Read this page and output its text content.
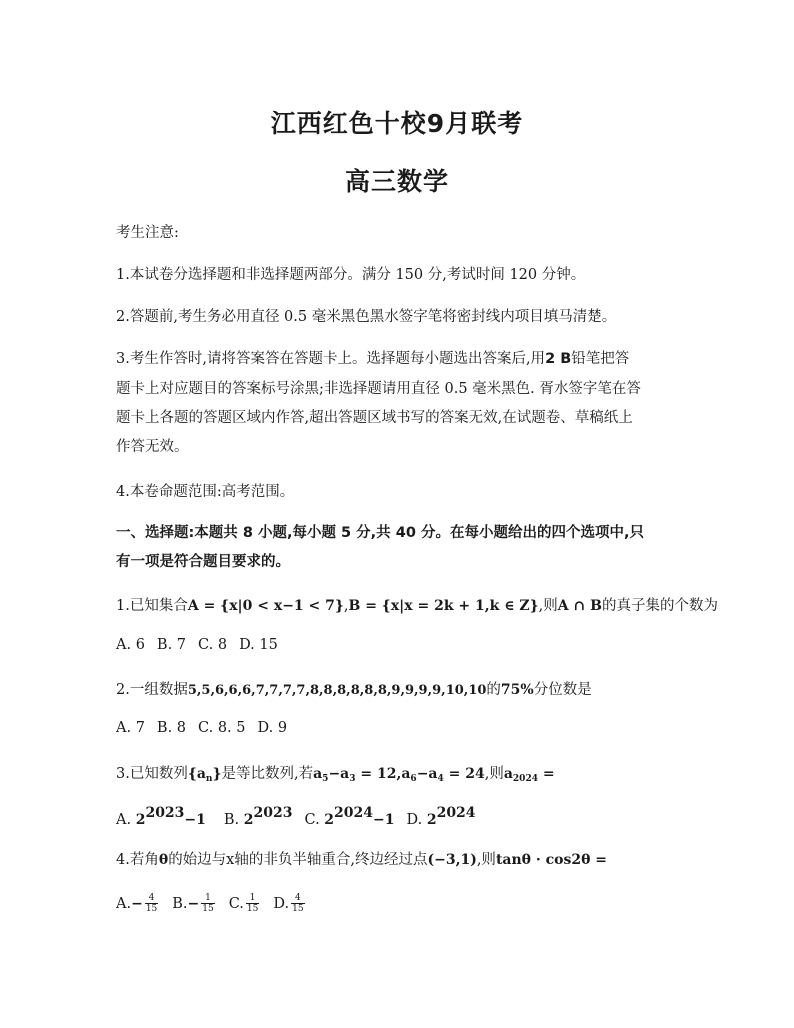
江西红色十校9月联考
高三数学
考生注意:
1.本试卷分选择题和非选择题两部分。满分 150 分,考试时间 120 分钟。
2.答题前,考生务必用直径 0.5 毫米黑色黑水签字笔将密封线内项目填马清楚。
3.考生作答时,请将答案答在答题卡上。选择题每小题选出答案后,用2 B铅笔把答
题卡上对应题目的答案标号涂黑;非选择题请用直径 0.5 毫米黑色. 胥水签字笔在答
题卡上各题的答题区域内作答,超出答题区域书写的答案无效,在试题卷、草稿纸上
作答无效。
4.本卷命题范围:高考范围。
一、选择题:本题共 8 小题,每小题 5 分,共 40 分。在每小题给出的四个选项中,只
有一项是符合题目要求的。
1.已知集合A = {x|0 < x−1 < 7},B = {x|x = 2k + 1,k ∈ Z},则A ∩ B的真子集的个数为
A. 6 B. 7 C. 8 D. 15
2.一组数据5,5,6,6,6,7,7,7,7,8,8,8,8,8,8,9,9,9,9,10,10的75%分位数是
A. 7 B. 8 C. 8. 5 D. 9
3.已知数列$\{a_n\}$是等比数列,若$a_5-a_3 = 12,a_6-a_4 = 24$,则$a_{2024}$ =
A. $2^{2023}-1$ B. $2^{2023}$ C. $2^{2024}-1$ D. $2^{2024}$
4.若角θ的始边与x轴的非负半轴重合,终边经过点(−3,1),则tanθ · cos2θ =
$A.- \frac{4}{15} B.- \frac{1}{15} C$. $\frac{1}{15} D$. $\frac{4}{15}$
